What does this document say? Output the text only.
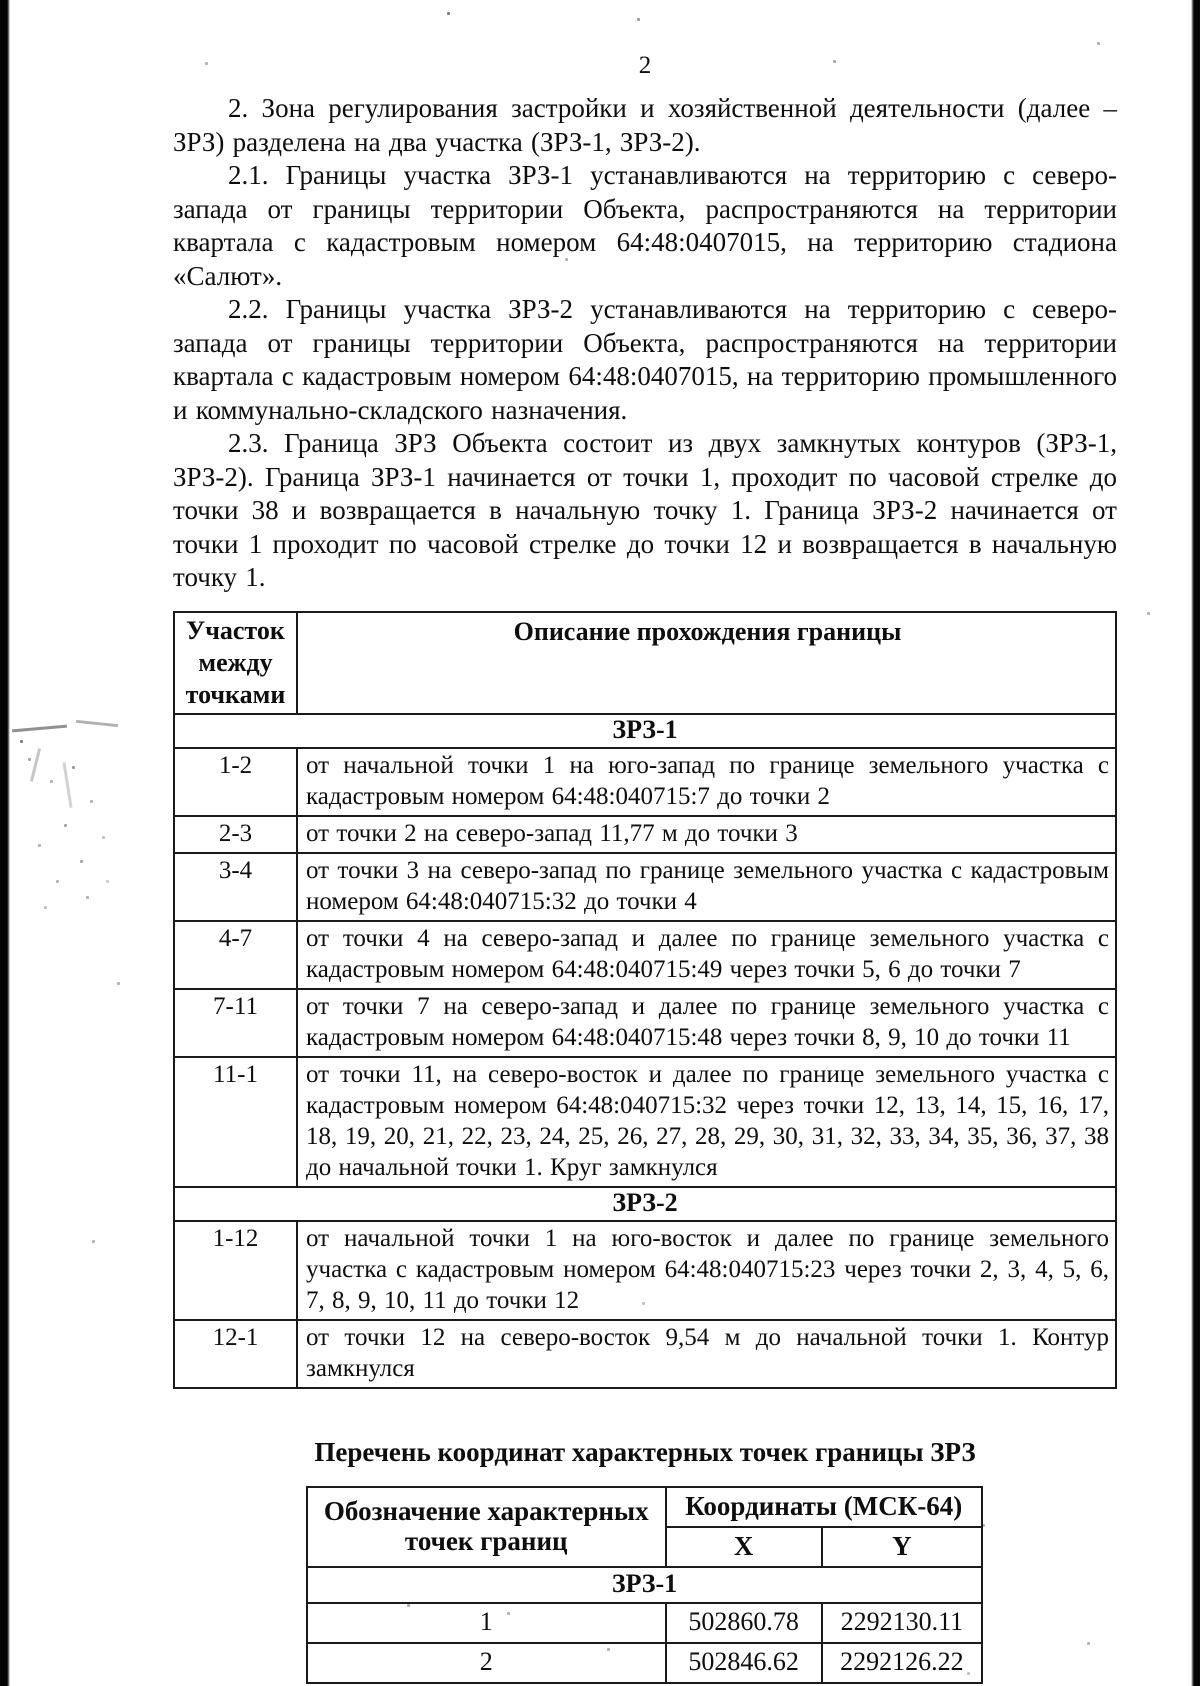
2

2. Зона регулирования застройки и хозяйственной деятельности (далее – ЗРЗ) разделена на два участка (ЗРЗ-1, ЗРЗ-2).

2.1. Границы участка ЗРЗ-1 устанавливаются на территорию с северо-запада от границы территории Объекта, распространяются на территории квартала с кадастровым номером 64:48:0407015, на территорию стадиона «Салют».

2.2. Границы участка ЗРЗ-2 устанавливаются на территорию с северо-запада от границы территории Объекта, распространяются на территории квартала с кадастровым номером 64:48:0407015, на территорию промышленного и коммунально-складского назначения.

2.3. Граница ЗРЗ Объекта состоит из двух замкнутых контуров (ЗРЗ-1, ЗРЗ-2). Граница ЗРЗ-1 начинается от точки 1, проходит по часовой стрелке до точки 38 и возвращается в начальную точку 1. Граница ЗРЗ-2 начинается от точки 1 проходит по часовой стрелке до точки 12 и возвращается в начальную точку 1.

Участок между точками	Описание прохождения границы
ЗРЗ-1	
1-2	от начальной точки 1 на юго-запад по границе земельного участка с кадастровым номером 64:48:040715:7 до точки 2
2-3	от точки 2 на северо-запад 11,77 м до точки 3
3-4	от точки 3 на северо-запад по границе земельного участка с кадастровым номером 64:48:040715:32 до точки 4
4-7	от точки 4 на северо-запад и далее по границе земельного участка с кадастровым номером 64:48:040715:49 через точки 5, 6 до точки 7
7-11	от точки 7 на северо-запад и далее по границе земельного участка с кадастровым номером 64:48:040715:48 через точки 8, 9, 10 до точки 11
11-1	от точки 11, на северо-восток и далее по границе земельного участка с кадастровым номером 64:48:040715:32 через точки 12, 13, 14, 15, 16, 17, 18, 19, 20, 21, 22, 23, 24, 25, 26, 27, 28, 29, 30, 31, 32, 33, 34, 35, 36, 37, 38 до начальной точки 1. Круг замкнулся
ЗРЗ-2	
1-12	от начальной точки 1 на юго-восток и далее по границе земельного участка с кадастровым номером 64:48:040715:23 через точки 2, 3, 4, 5, 6, 7, 8, 9, 10, 11 до точки 12
12-1	от точки 12 на северо-восток 9,54 м до начальной точки 1. Контур замкнулся
Перечень координат характерных точек границы ЗРЗ
Обозначение характерных точек границ	Координаты (МСК-64)	
	X	Y
ЗРЗ-1		
1	502860.78	2292130.11
2	502846.62	2292126.22
